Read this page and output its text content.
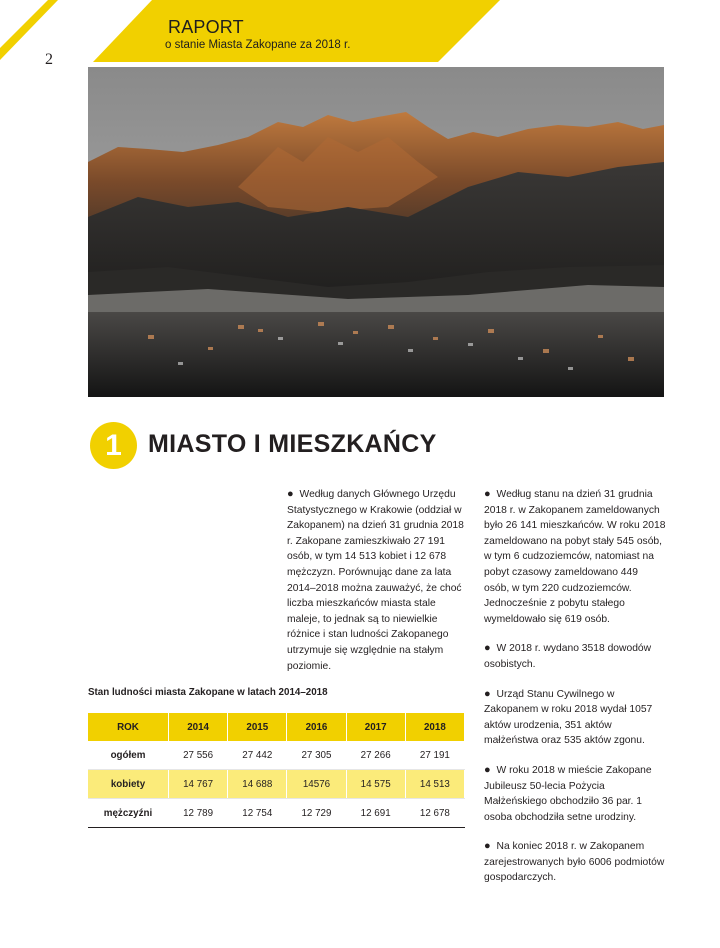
RAPORT
o stanie Miasta Zakopane za 2018 r.
2
1	MIASTO I MIESZKAŃCY

● Według danych Głównego Urzędu Statystycznego w Krakowie (oddział w Zakopanem) na dzień 31 grudnia 2018 r. Zakopane zamieszkiwało 27 191 osób, w tym 14 513 kobiet i 12 678 mężczyzn. Porównując dane za lata 2014–2018 można zauważyć, że choć liczba mieszkańców miasta stale maleje, to jednak są to niewielkie różnice i stan ludności Zakopanego utrzymuje się względnie na stałym poziomie.

● Według stanu na dzień 31 grudnia 2018 r. w Zakopanem zameldowanych było 26 141 mieszkańców. W roku 2018 zameldowano na pobyt stały 545 osób, w tym 6 cudzoziemców, natomiast na pobyt czasowy zameldowano 449 osób, w tym 220 cudzoziemców. Jednocześnie z pobytu stałego wymeldowało się 619 osób.

● W 2018 r. wydano 3518 dowodów osobistych.

● Urząd Stanu Cywilnego w Zakopanem w roku 2018 wydał 1057 aktów urodzenia, 351 aktów małżeństwa oraz 535 aktów zgonu.

● W roku 2018 w mieście Zakopane Jubileusz 50-lecia Pożycia Małżeńskiego obchodziło 36 par. 1 osoba obchodziła setne urodziny.

● Na koniec 2018 r. w Zakopanem zarejestrowanych było 6006 podmiotów gospodarczych.

Stan ludności miasta Zakopane w latach 2014–2018
ROK	2014	2015	2016	2017	2018
ogółem	27 556	27 442	27 305	27 266	27 191
kobiety	14 767	14 688	14576	14 575	14 513
mężczyźni	12 789	12 754	12 729	12 691	12 678
